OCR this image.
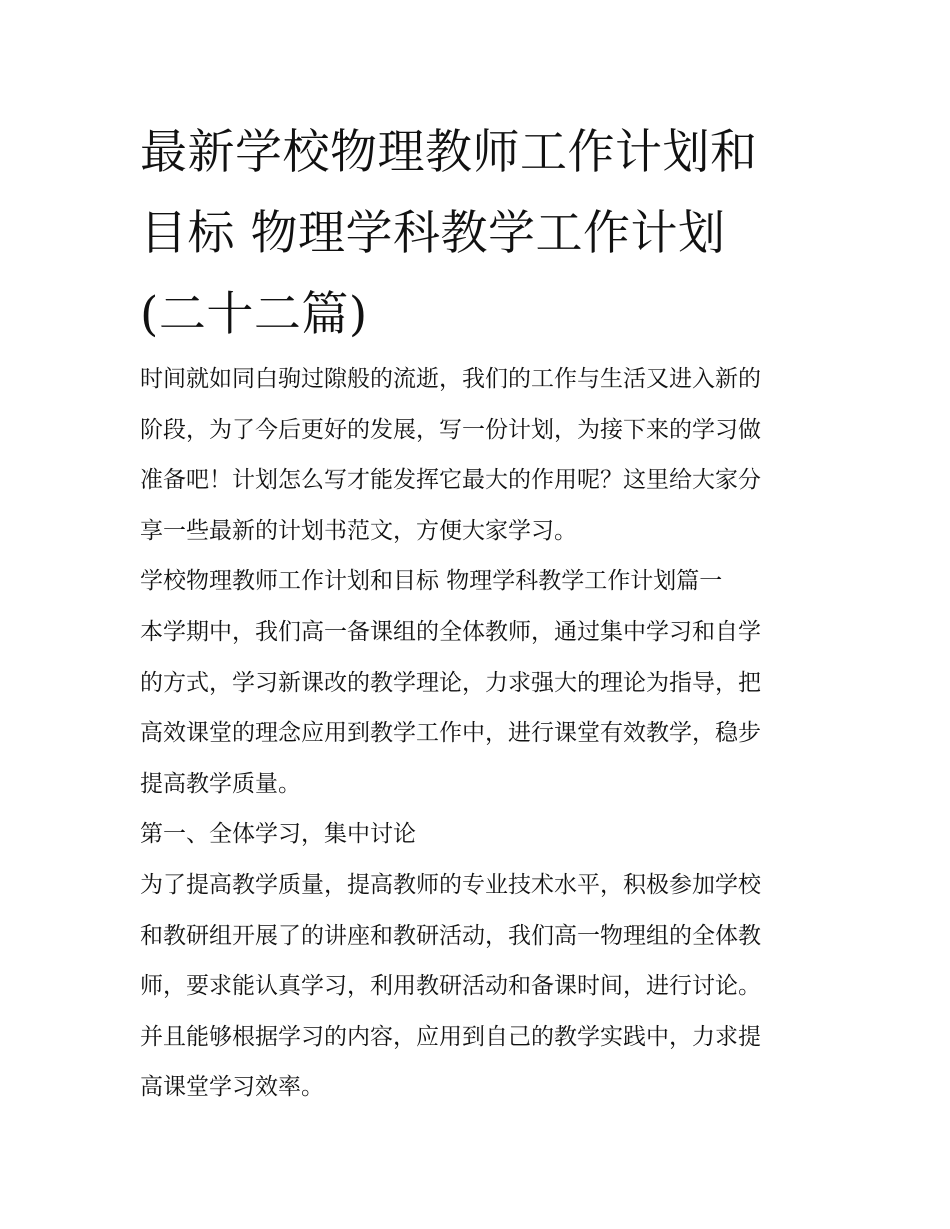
最新学校物理教师工作计划和
目标 物理学科教学工作计划
(二十二篇)
时间就如同白驹过隙般的流逝，我们的工作与生活又进入新的
阶段，为了今后更好的发展，写一份计划，为接下来的学习做
准备吧！计划怎么写才能发挥它最大的作用呢？这里给大家分
享一些最新的计划书范文，方便大家学习。
学校物理教师工作计划和目标 物理学科教学工作计划篇一
本学期中，我们高一备课组的全体教师，通过集中学习和自学
的方式，学习新课改的教学理论，力求强大的理论为指导，把
高效课堂的理念应用到教学工作中，进行课堂有效教学，稳步
提高教学质量。
第一、全体学习，集中讨论
为了提高教学质量，提高教师的专业技术水平，积极参加学校
和教研组开展了的讲座和教研活动，我们高一物理组的全体教
师，要求能认真学习，利用教研活动和备课时间，进行讨论。
并且能够根据学习的内容，应用到自己的教学实践中，力求提
高课堂学习效率。
